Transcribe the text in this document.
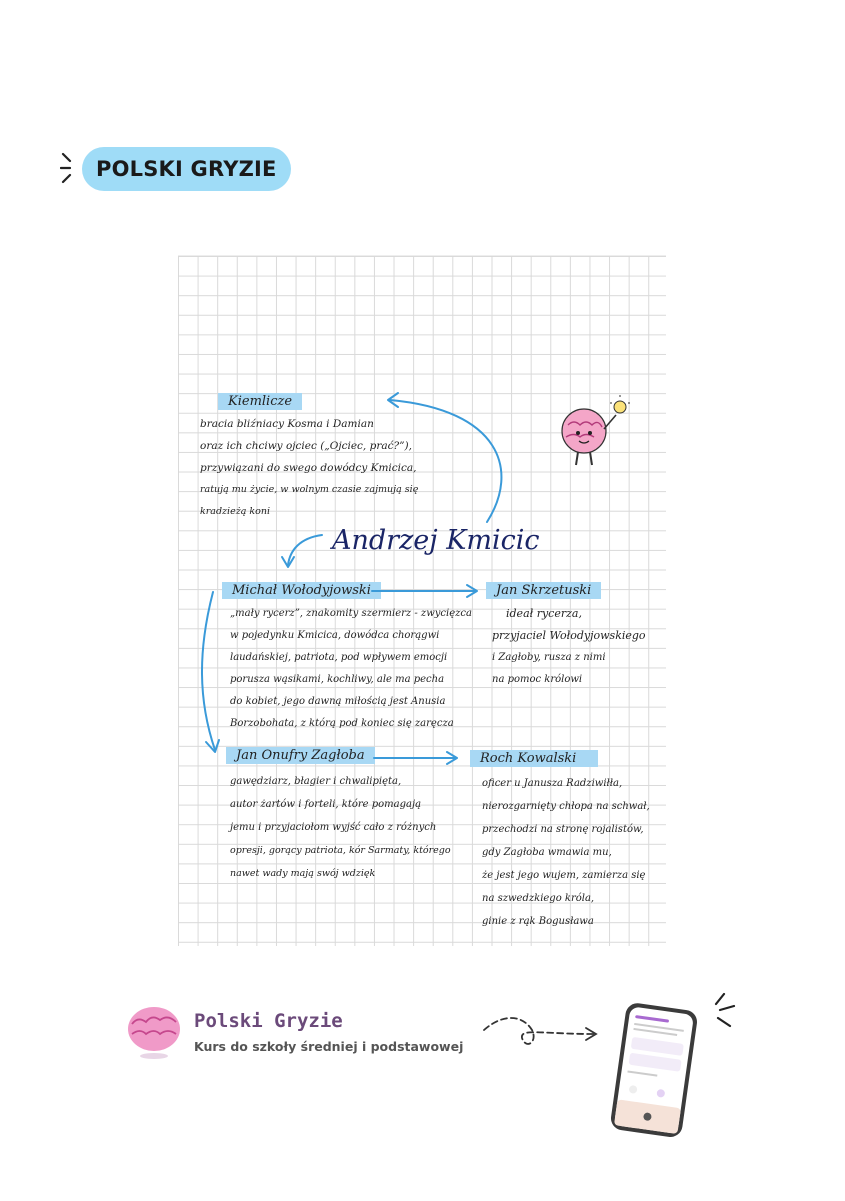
POLSKI GRYZIE
Kiemlicze
bracia bliźniacy Kosma i Damian
oraz ich chciwy ojciec („Ojciec, prać?”),
przywiązani do swego dowódcy Kmicica,
ratują mu życie, w wolnym czasie zajmują się
kradzieżą koni
Andrzej Kmicic
Michał Wołodyjowski
„mały rycerz”, znakomity szermierz - zwycięzca
w pojedynku Kmicica, dowódca chorągwi
laudańskiej, patriota, pod wpływem emocji
porusza wąsikami, kochliwy, ale ma pecha
do kobiet, jego dawną miłością jest Anusia
Borzobohata, z którą pod koniec się zaręcza
Jan Skrzetuski
ideał rycerza,
przyjaciel Wołodyjowskiego
i Zagłoby, rusza z nimi
na pomoc królowi
Jan Onufry Zagłoba
gawędziarz, błagier i chwalipięta,
autor żartów i forteli, które pomagają
jemu i przyjaciołom wyjść cało z różnych
opresji, gorący patriota, kór Sarmaty, którego
nawet wady mają swój wdzięk
Roch Kowalski
oficer u Janusza Radziwiłła,
nierozgarnięty chłopa na schwał,
przechodzi na stronę rojalistów,
gdy Zagłoba wmawia mu,
że jest jego wujem, zamierza się
na szwedzkiego króla,
ginie z rąk Bogusława
Polski Gryzie
Kurs do szkoły średniej i podstawowej
